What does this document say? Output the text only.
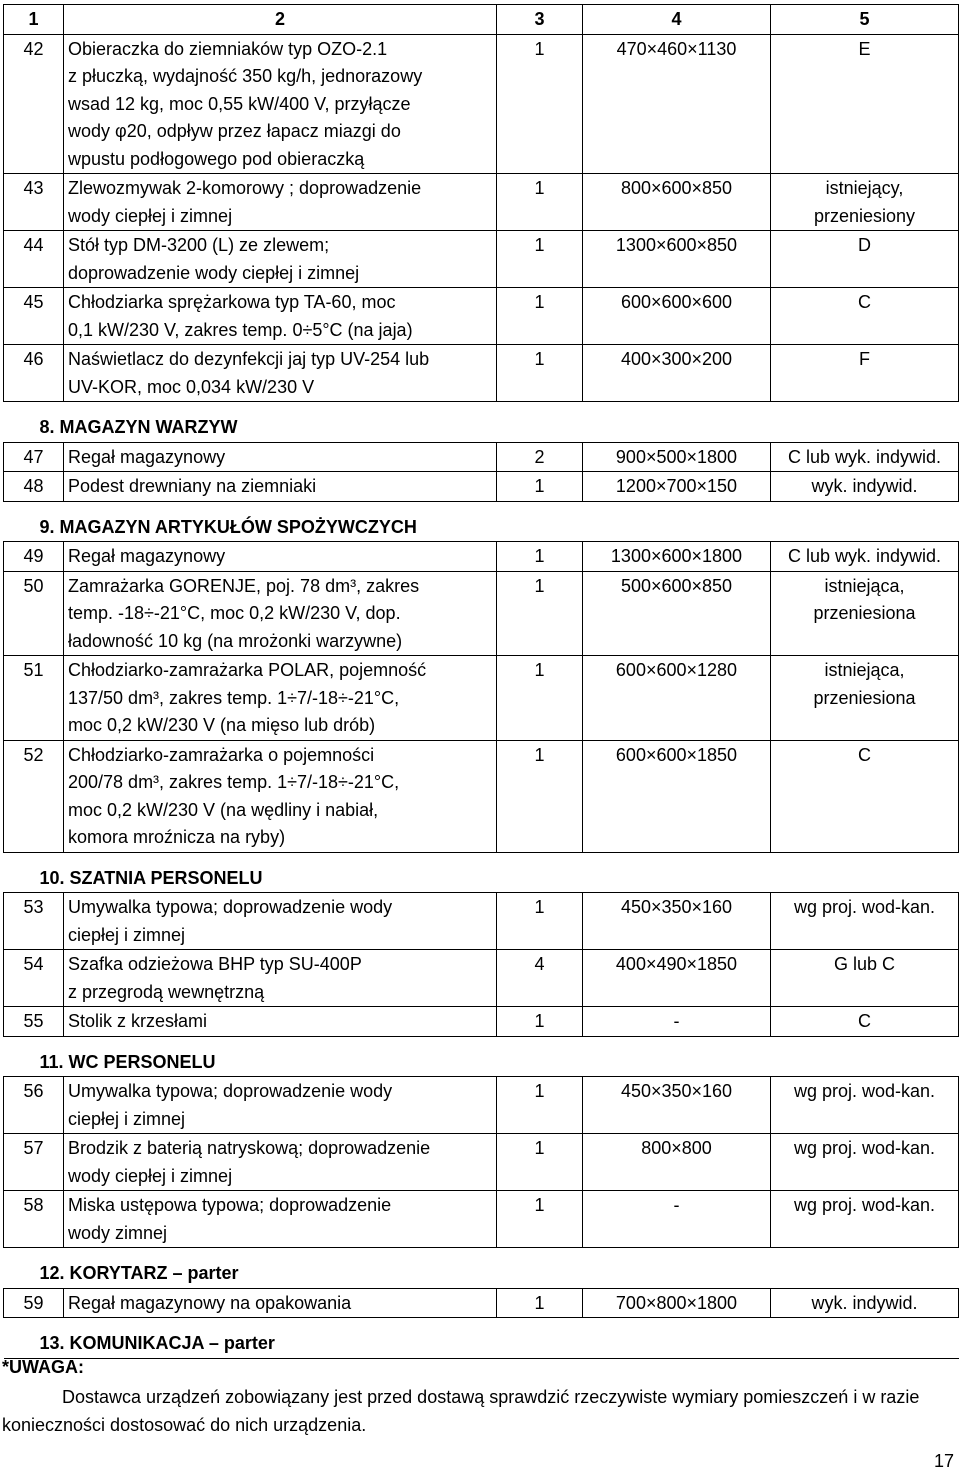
1	2	3	4	5
42	Obieraczka do ziemniaków typ OZO-2.1
z płuczką, wydajność 350 kg/h, jednorazowy
wsad 12 kg, moc 0,55 kW/400 V, przyłącze
wody φ20, odpływ przez łapacz miazgi do
wpustu podłogowego pod obieraczką	1	470×460×1130	E
43	Zlewozmywak 2-komorowy ; doprowadzenie
wody ciepłej i zimnej	1	800×600×850	istniejący,
przeniesiony
44	Stół typ DM-3200 (L) ze zlewem;
doprowadzenie wody ciepłej i zimnej	1	1300×600×850	D
45	Chłodziarka sprężarkowa typ TA-60, moc
0,1 kW/230 V, zakres temp. 0÷5°C (na jaja)	1	600×600×600	C
46	Naświetlacz do dezynfekcji jaj typ UV-254 lub
UV-KOR, moc 0,034 kW/230 V	1	400×300×200	F
8. MAGAZYN WARZYW				
47	Regał magazynowy	2	900×500×1800	C lub wyk. indywid.
48	Podest drewniany na ziemniaki	1	1200×700×150	wyk. indywid.
9. MAGAZYN ARTYKUŁÓW SPOŻYWCZYCH				
49	Regał magazynowy	1	1300×600×1800	C lub wyk. indywid.
50	Zamrażarka GORENJE, poj. 78 dm³, zakres
temp. -18÷-21°C, moc 0,2 kW/230 V, dop.
ładowność 10 kg (na mrożonki warzywne)	1	500×600×850	istniejąca,
przeniesiona
51	Chłodziarko-zamrażarka POLAR, pojemność
137/50 dm³, zakres temp. 1÷7/-18÷-21°C,
moc 0,2 kW/230 V (na mięso lub drób)	1	600×600×1280	istniejąca,
przeniesiona
52	Chłodziarko-zamrażarka o pojemności
200/78 dm³, zakres temp. 1÷7/-18÷-21°C,
moc 0,2 kW/230 V (na wędliny i nabiał,
komora mroźnicza na ryby)	1	600×600×1850	C
10. SZATNIA PERSONELU				
53	Umywalka typowa; doprowadzenie wody
ciepłej i zimnej	1	450×350×160	wg proj. wod-kan.
54	Szafka odzieżowa BHP typ SU-400P
z przegrodą wewnętrzną	4	400×490×1850	G lub C
55	Stolik z krzesłami	1	-	C
11. WC PERSONELU				
56	Umywalka typowa; doprowadzenie wody
ciepłej i zimnej	1	450×350×160	wg proj. wod-kan.
57	Brodzik z baterią natryskową; doprowadzenie
wody ciepłej i zimnej	1	800×800	wg proj. wod-kan.
58	Miska ustępowa typowa; doprowadzenie
wody zimnej	1	-	wg proj. wod-kan.
12. KORYTARZ – parter				
59	Regał magazynowy na opakowania	1	700×800×1800	wyk. indywid.
13. KOMUNIKACJA – parter				
*UWAGA:
Dostawca urządzeń zobowiązany jest przed dostawą sprawdzić rzeczywiste wymiary pomieszczeń i w razie konieczności dostosować do nich urządzenia.
17
